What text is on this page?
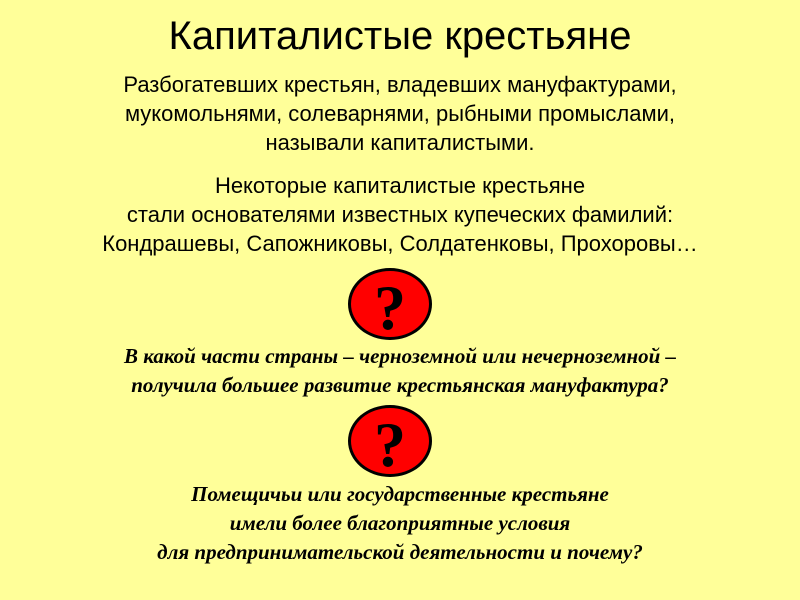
Капиталистые крестьяне
Разбогатевших крестьян, владевших мануфактурами,
мукомольнями, солеварнями, рыбными промыслами,
называли капиталистыми.
Некоторые капиталистые крестьяне
стали основателями известных купеческих фамилий:
Кондрашевы, Сапожниковы, Солдатенковы, Прохоровы…
?
В какой части страны – черноземной или нечерноземной –
получила большее развитие крестьянская мануфактура?
?
Помещичьи или государственные крестьяне
имели более благоприятные условия
для предпринимательской деятельности и почему?
